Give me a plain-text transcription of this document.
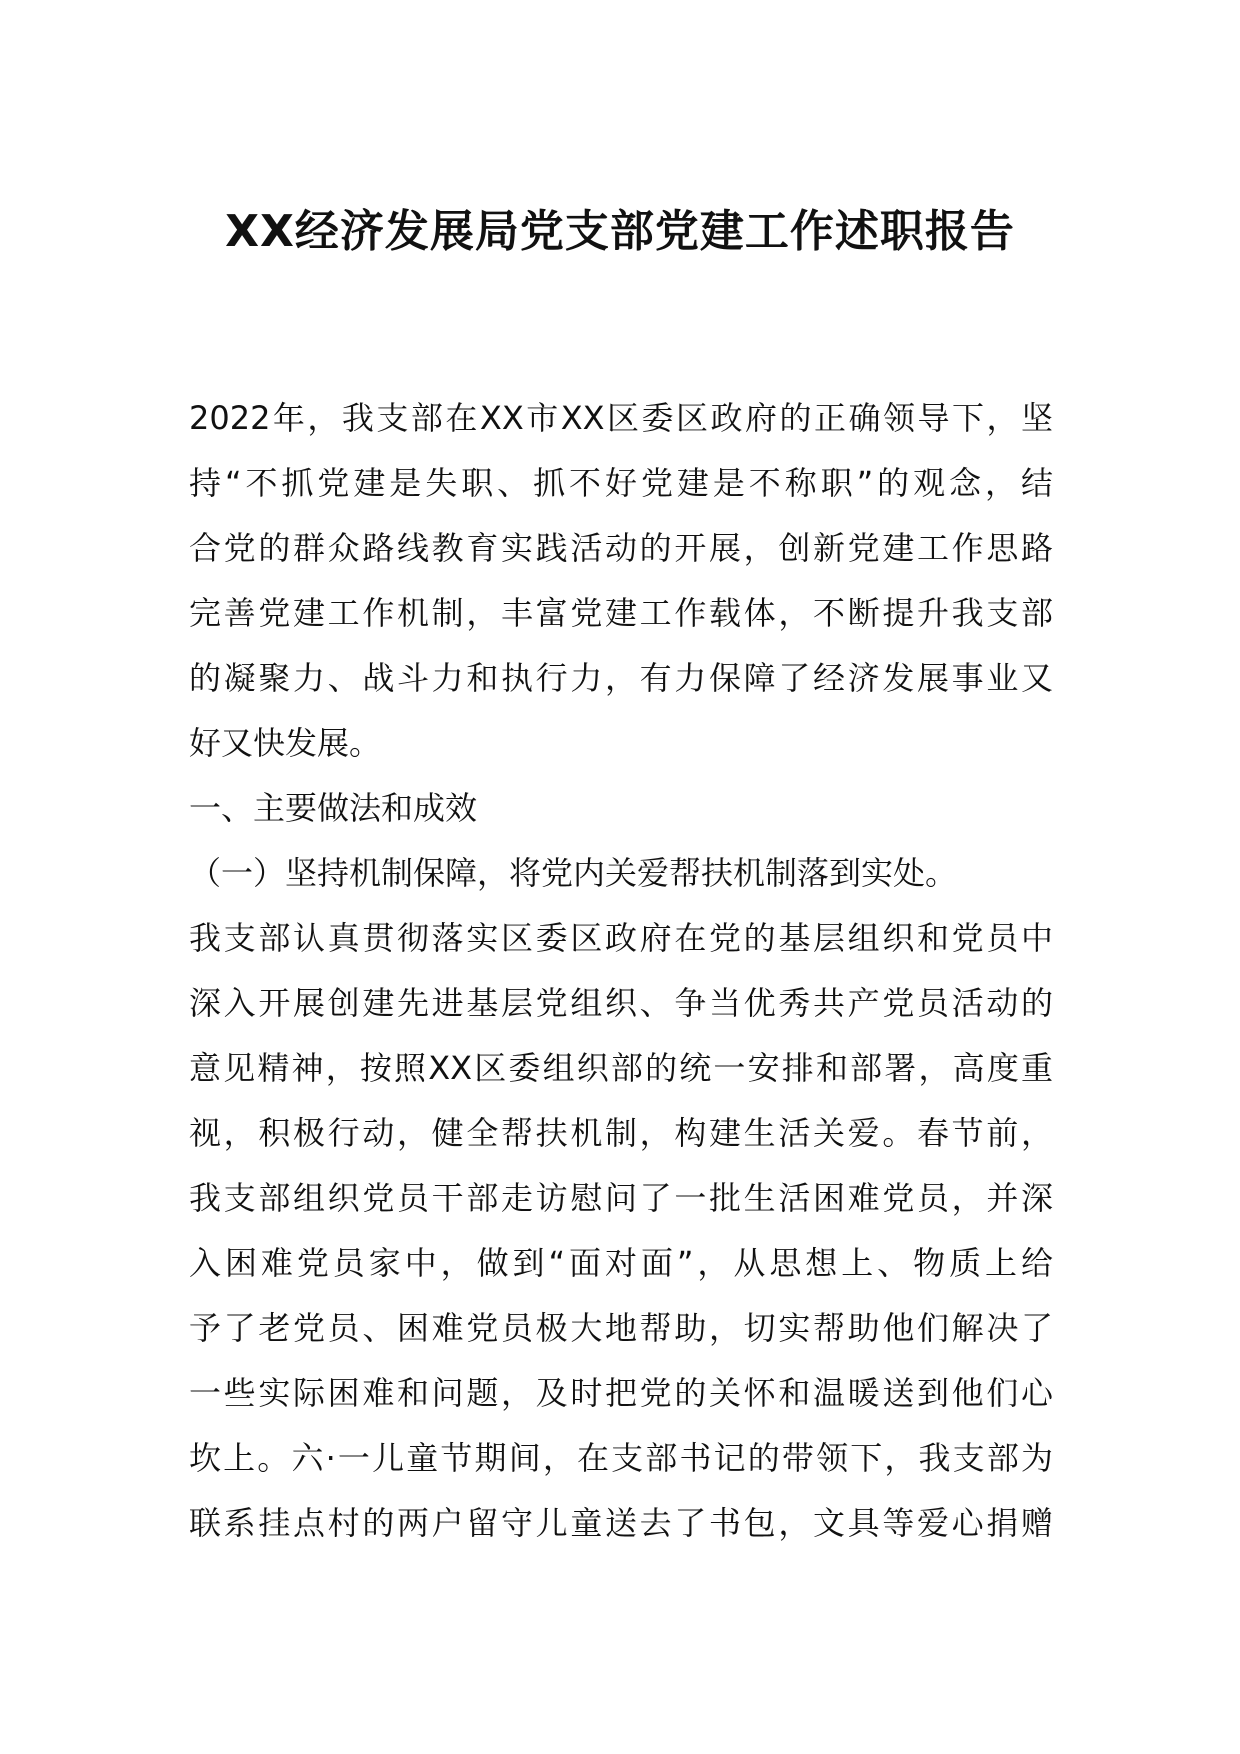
XX经济发展局党支部党建工作述职报告
2022年，我支部在XX市XX区委区政府的正确领导下，坚
持“不抓党建是失职、抓不好党建是不称职”的观念，结
合党的群众路线教育实践活动的开展，创新党建工作思路
完善党建工作机制，丰富党建工作载体，不断提升我支部
的凝聚力、战斗力和执行力，有力保障了经济发展事业又
好又快发展。
一、主要做法和成效
（一）坚持机制保障，将党内关爱帮扶机制落到实处。
我支部认真贯彻落实区委区政府在党的基层组织和党员中
深入开展创建先进基层党组织、争当优秀共产党员活动的
意见精神，按照XX区委组织部的统一安排和部署，高度重
视，积极行动，健全帮扶机制，构建生活关爱。春节前，
我支部组织党员干部走访慰问了一批生活困难党员，并深
入困难党员家中，做到“面对面”，从思想上、物质上给
予了老党员、困难党员极大地帮助，切实帮助他们解决了
一些实际困难和问题，及时把党的关怀和温暖送到他们心
坎上。六·一儿童节期间，在支部书记的带领下，我支部为
联系挂点村的两户留守儿童送去了书包，文具等爱心捐赠
